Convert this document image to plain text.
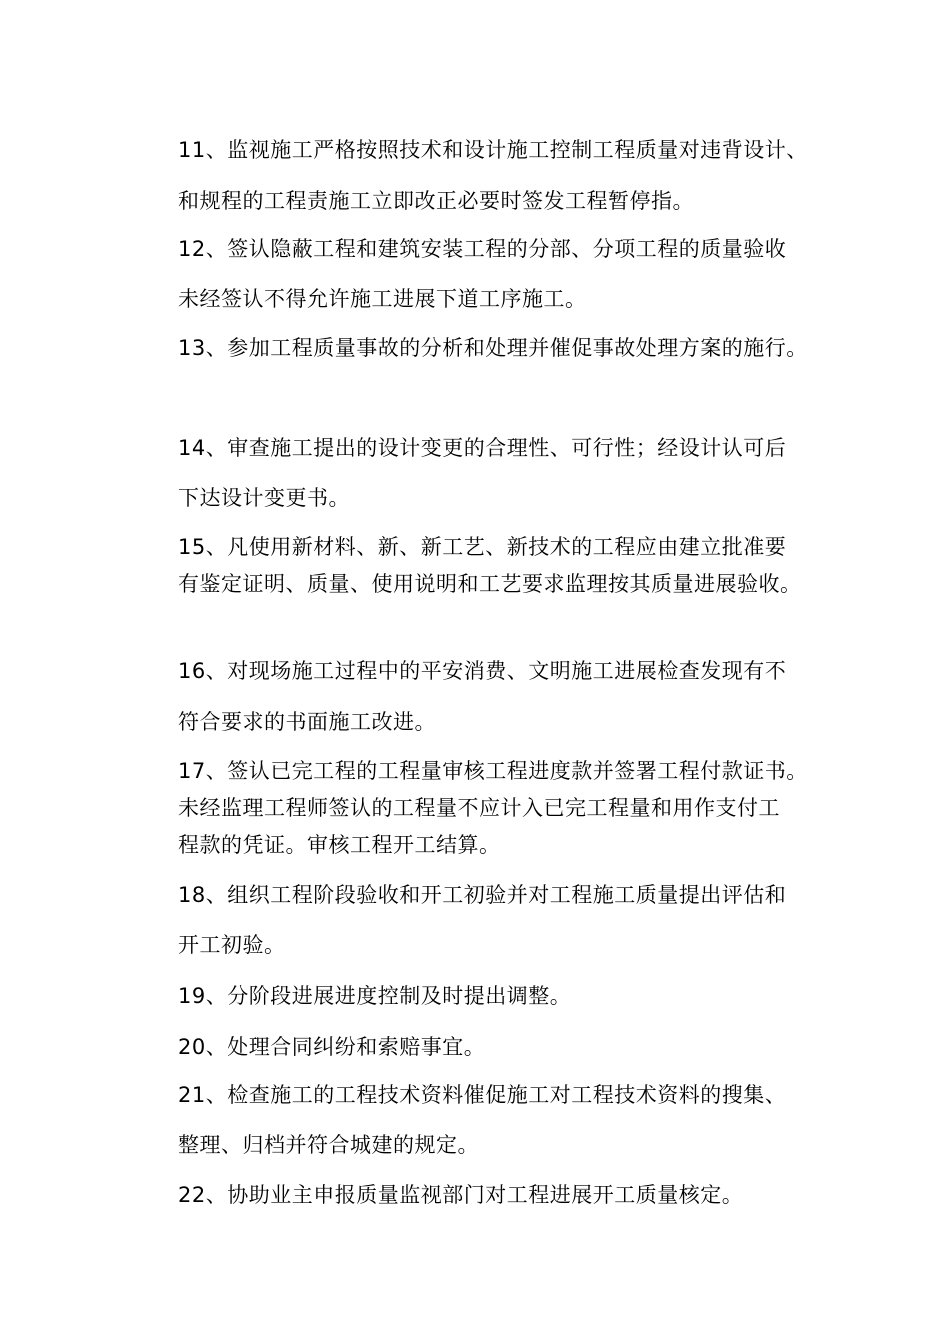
11、监视施工严格按照技术和设计施工控制工程质量对违背设计、
和规程的工程责施工立即改正必要时签发工程暂停指。
12、签认隐蔽工程和建筑安装工程的分部、分项工程的质量验收
未经签认不得允许施工进展下道工序施工。
13、参加工程质量事故的分析和处理并催促事故处理方案的施行。
14、审查施工提出的设计变更的合理性、可行性；经设计认可后
下达设计变更书。
15、凡使用新材料、新、新工艺、新技术的工程应由建立批准要
有鉴定证明、质量、使用说明和工艺要求监理按其质量进展验收。
16、对现场施工过程中的平安消费、文明施工进展检查发现有不
符合要求的书面施工改进。
17、签认已完工程的工程量审核工程进度款并签署工程付款证书。
未经监理工程师签认的工程量不应计入已完工程量和用作支付工
程款的凭证。审核工程开工结算。
18、组织工程阶段验收和开工初验并对工程施工质量提出评估和
开工初验。
19、分阶段进展进度控制及时提出调整。
20、处理合同纠纷和索赔事宜。
21、检查施工的工程技术资料催促施工对工程技术资料的搜集、
整理、归档并符合城建的规定。
22、协助业主申报质量监视部门对工程进展开工质量核定。
